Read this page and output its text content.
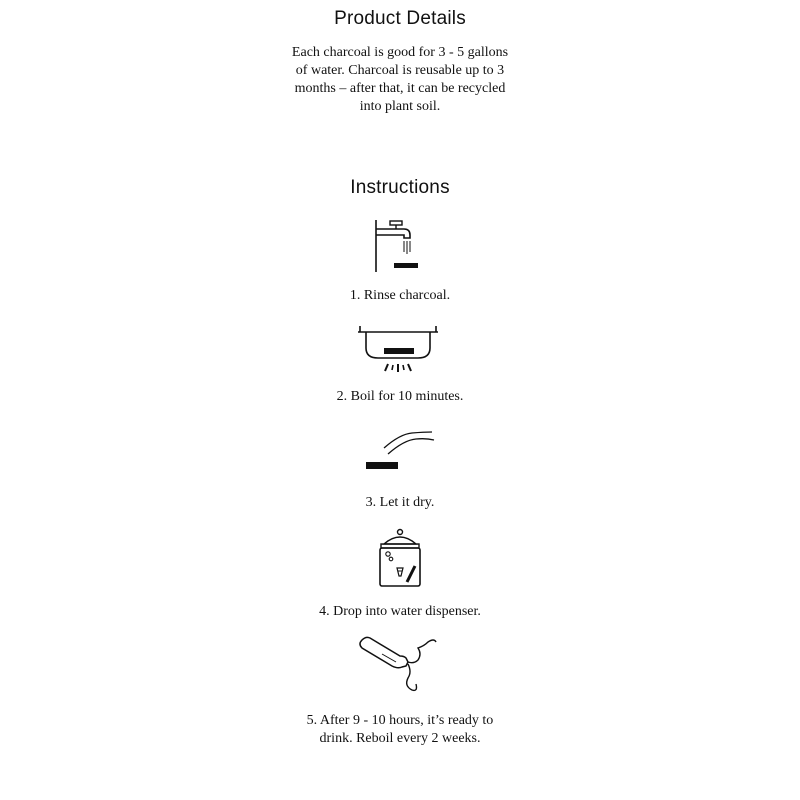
Product Details

Each charcoal is good for 3 - 5 gallons of water. Charcoal is reusable up to 3 months – after that, it can be recycled into plant soil.

Instructions

1. Rinse charcoal.

2. Boil for 10 minutes.

3. Let it dry.

4. Drop into water dispenser.

5. After 9 - 10 hours, it’s ready to drink. Reboil every 2 weeks.
